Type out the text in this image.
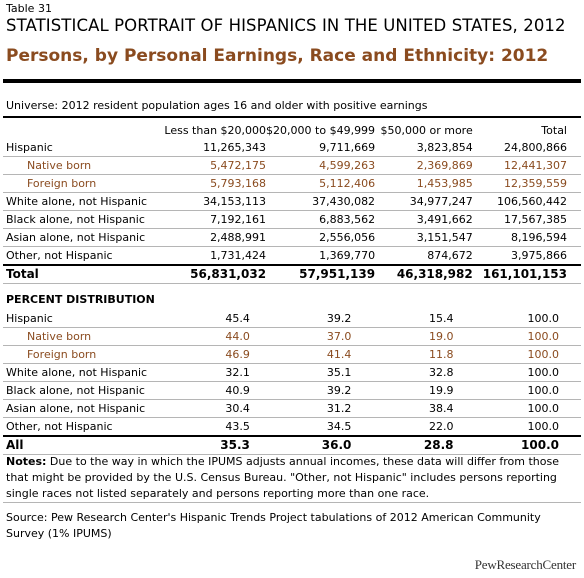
Table 31
STATISTICAL PORTRAIT OF HISPANICS IN THE UNITED STATES, 2012
Persons, by Personal Earnings, Race and Ethnicity: 2012
Universe: 2012 resident population ages 16 and older with positive earnings
	Less than $20,000	$20,000 to $49,999	$50,000 or more	Total
Hispanic	11,265,343	9,711,669	3,823,854	24,800,866
Native born	5,472,175	4,599,263	2,369,869	12,441,307
Foreign born	5,793,168	5,112,406	1,453,985	12,359,559
White alone, not Hispanic	34,153,113	37,430,082	34,977,247	106,560,442
Black alone, not Hispanic	7,192,161	6,883,562	3,491,662	17,567,385
Asian alone, not Hispanic	2,488,991	2,556,056	3,151,547	8,196,594
Other, not Hispanic	1,731,424	1,369,770	874,672	3,975,866
Total	56,831,032	57,951,139	46,318,982	161,101,153
PERCENT DISTRIBUTION
Hispanic	45.4	39.2	15.4	100.0
Native born	44.0	37.0	19.0	100.0
Foreign born	46.9	41.4	11.8	100.0
White alone, not Hispanic	32.1	35.1	32.8	100.0
Black alone, not Hispanic	40.9	39.2	19.9	100.0
Asian alone, not Hispanic	30.4	31.2	38.4	100.0
Other, not Hispanic	43.5	34.5	22.0	100.0
All	35.3	36.0	28.8	100.0
Notes: Due to the way in which the IPUMS adjusts annual incomes, these data will differ from those that might be provided by the U.S. Census Bureau. "Other, not Hispanic" includes persons reporting single races not listed separately and persons reporting more than one race.
Source: Pew Research Center's Hispanic Trends Project tabulations of 2012 American Community Survey (1% IPUMS)
PewResearchCenter
